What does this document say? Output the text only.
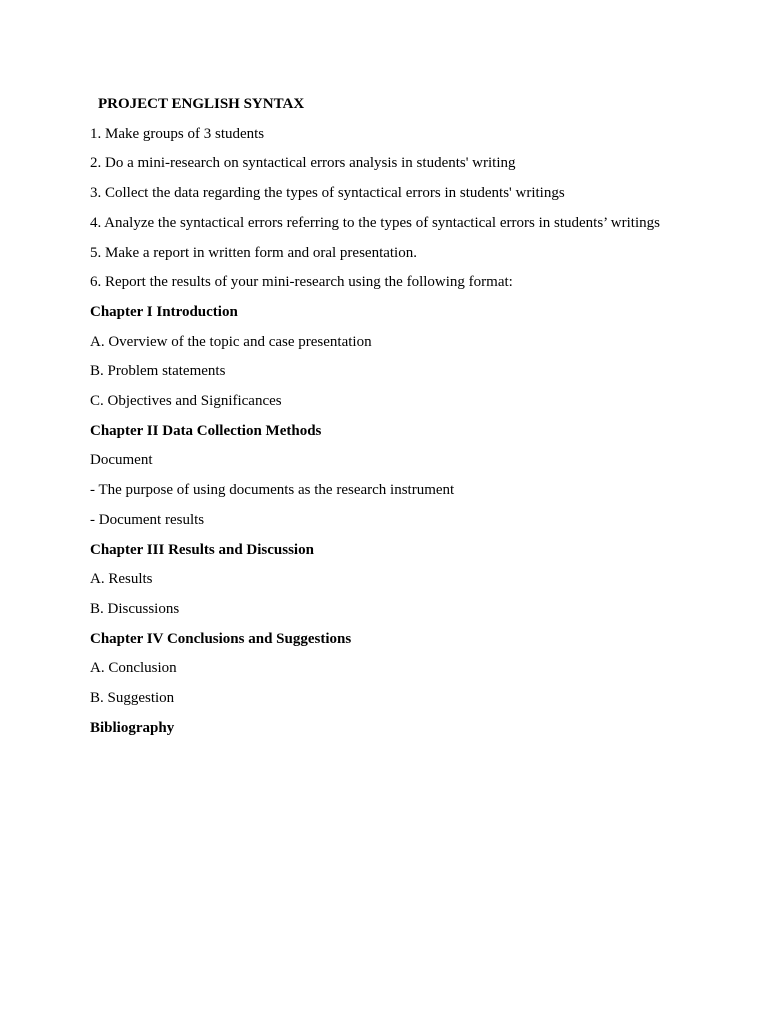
PROJECT ENGLISH SYNTAX

1. Make groups of 3 students

2. Do a mini-research on syntactical errors analysis in students' writing

3. Collect the data regarding the types of syntactical errors in students' writings

4. Analyze the syntactical errors referring to the types of syntactical errors in students’ writings

5. Make a report in written form and oral presentation.

6. Report the results of your mini-research using the following format:

Chapter I Introduction

A. Overview of the topic and case presentation

B. Problem statements

C. Objectives and Significances

Chapter II Data Collection Methods

Document

- The purpose of using documents as the research instrument

- Document results

Chapter III Results and Discussion

A. Results

B. Discussions

Chapter IV Conclusions and Suggestions

A. Conclusion

B. Suggestion

Bibliography
